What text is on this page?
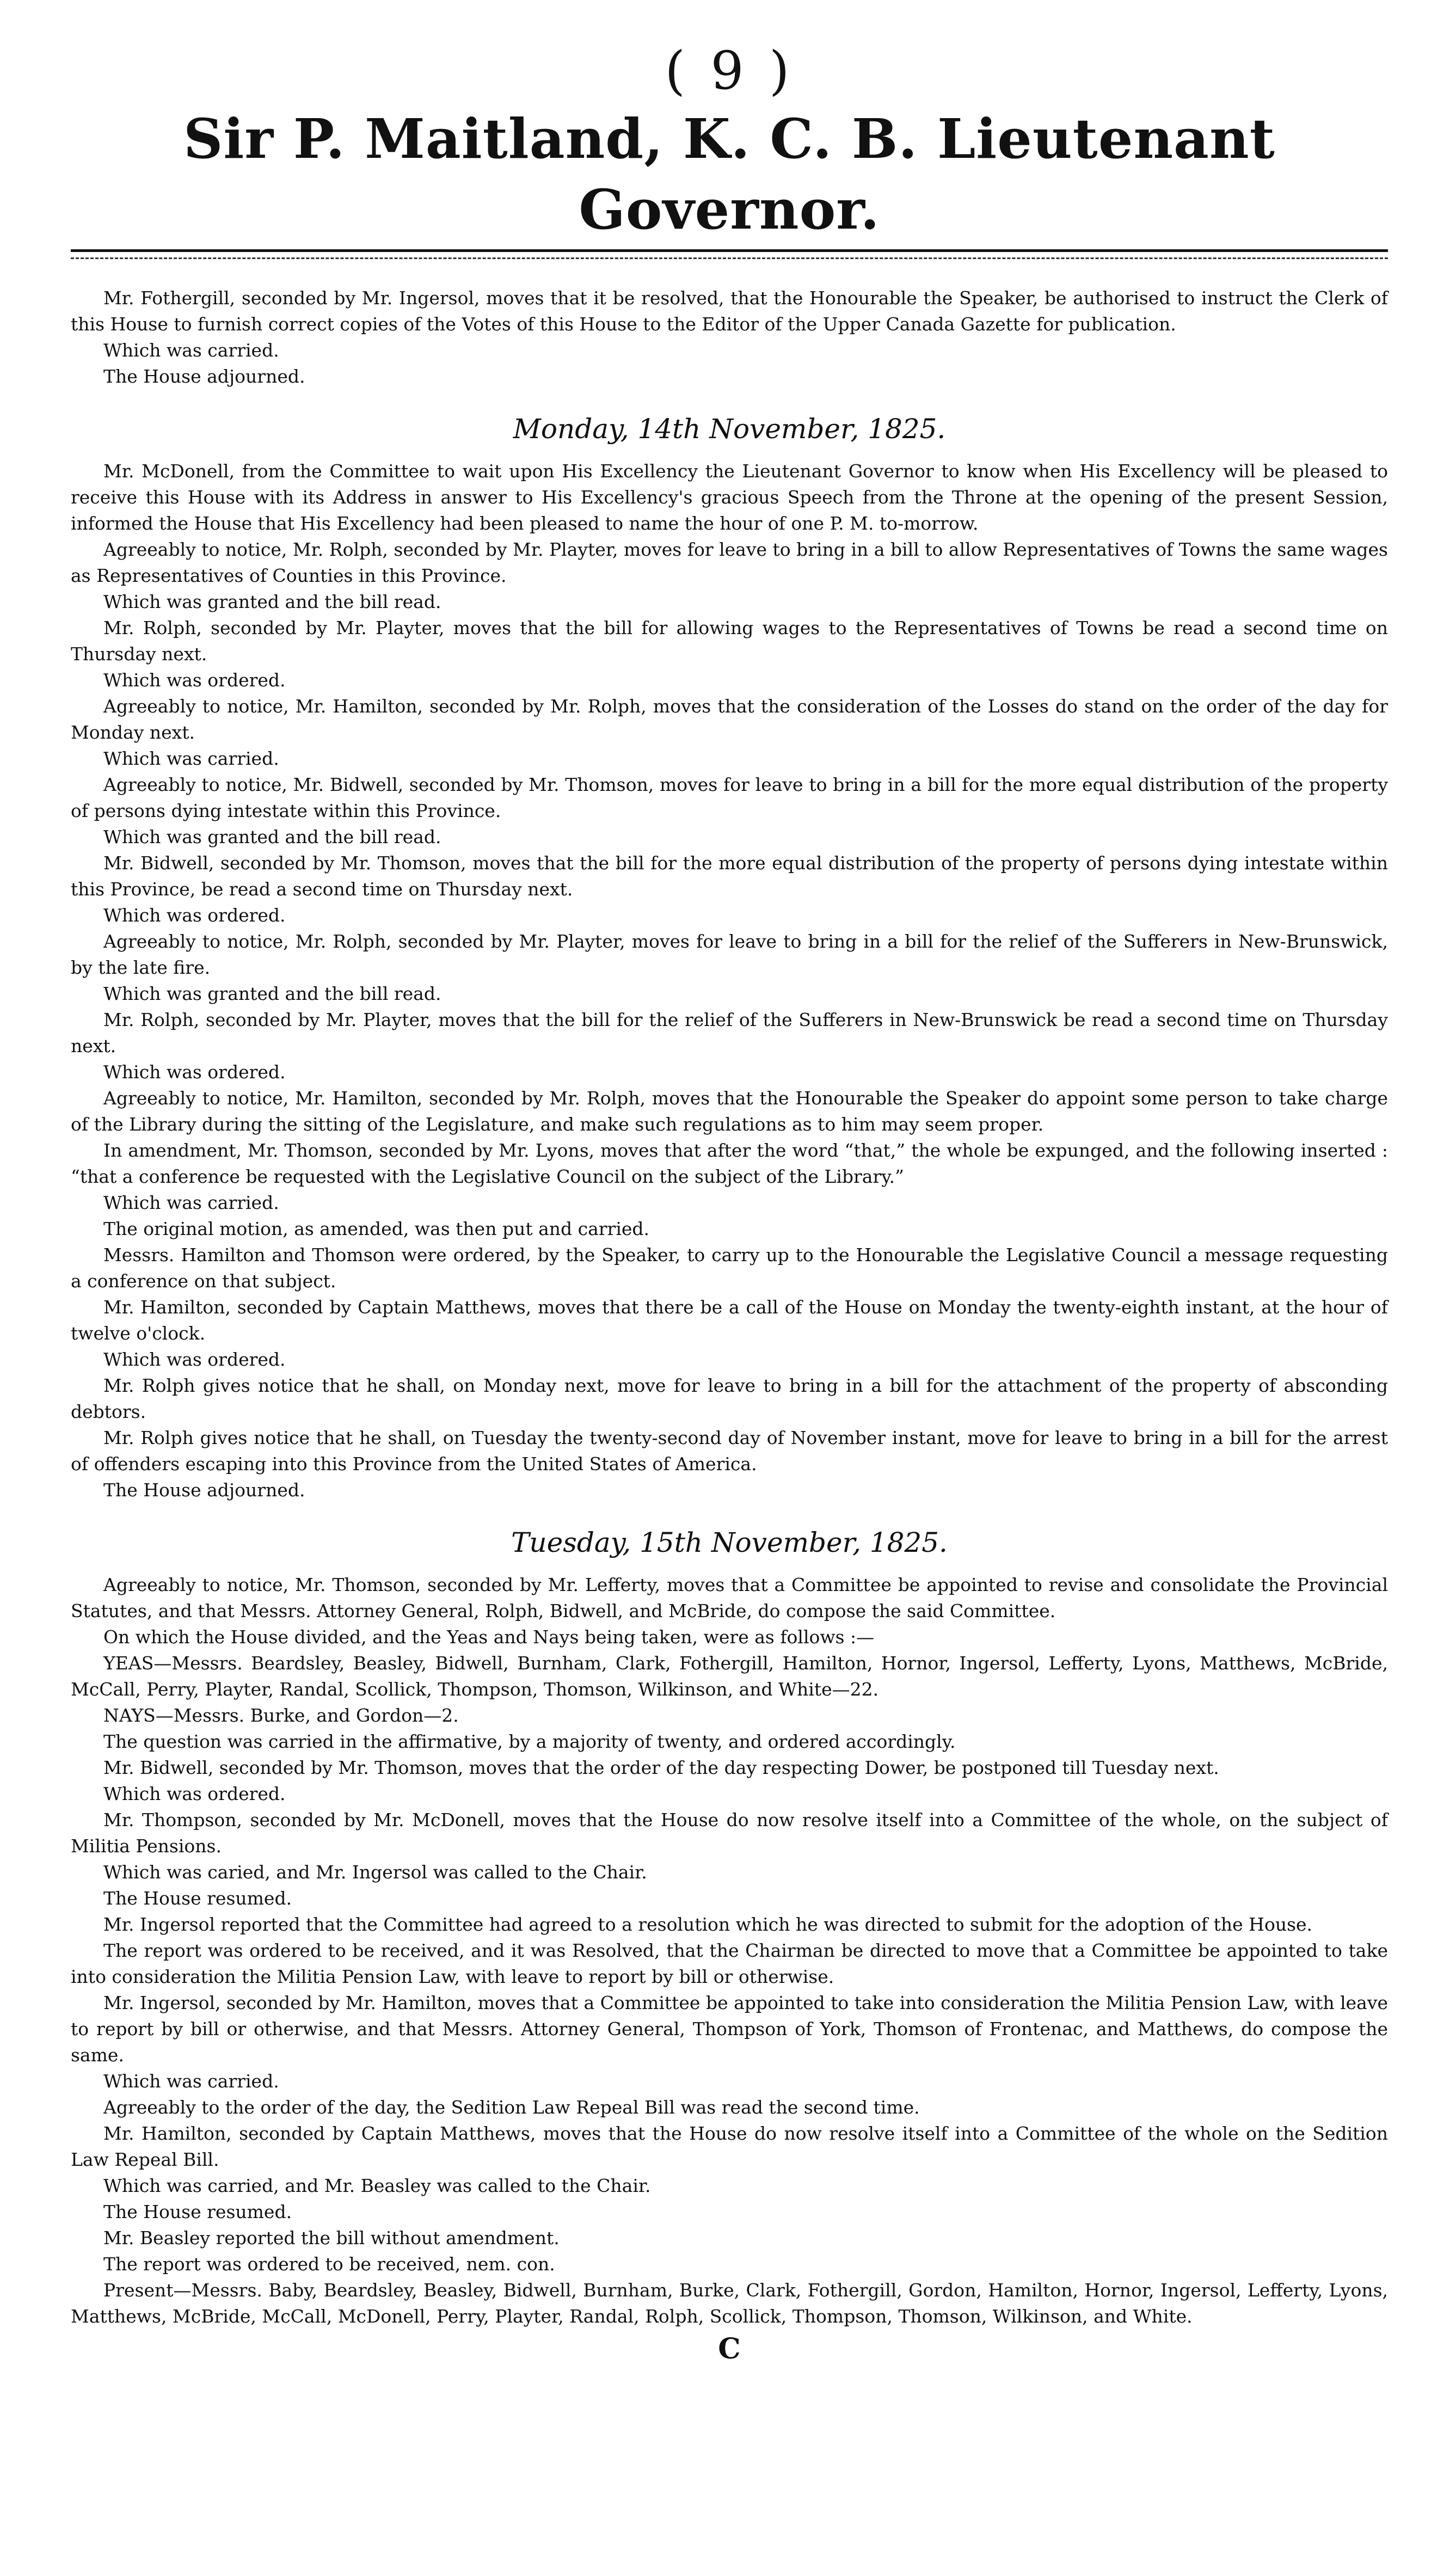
( 9 )
Sir P. Maitland, K. C. B. Lieutenant Governor.

Mr. Fothergill, seconded by Mr. Ingersol, moves that it be resolved, that the Honourable the Speaker, be authorised to instruct the Clerk of this House to furnish correct copies of the Votes of this House to the Editor of the Upper Canada Gazette for publication.

Which was carried.

The House adjourned.

Monday, 14th November, 1825.

Mr. McDonell, from the Committee to wait upon His Excellency the Lieutenant Governor to know when His Excellency will be pleased to receive this House with its Address in answer to His Excellency's gracious Speech from the Throne at the opening of the present Session, informed the House that His Excellency had been pleased to name the hour of one P. M. to-morrow.

Agreeably to notice, Mr. Rolph, seconded by Mr. Playter, moves for leave to bring in a bill to allow Representatives of Towns the same wages as Representatives of Counties in this Province.

Which was granted and the bill read.

Mr. Rolph, seconded by Mr. Playter, moves that the bill for allowing wages to the Representatives of Towns be read a second time on Thursday next.

Which was ordered.

Agreeably to notice, Mr. Hamilton, seconded by Mr. Rolph, moves that the consideration of the Losses do stand on the order of the day for Monday next.

Which was carried.

Agreeably to notice, Mr. Bidwell, seconded by Mr. Thomson, moves for leave to bring in a bill for the more equal distribution of the property of persons dying intestate within this Province.

Which was granted and the bill read.

Mr. Bidwell, seconded by Mr. Thomson, moves that the bill for the more equal distribution of the property of persons dying intestate within this Province, be read a second time on Thursday next.

Which was ordered.

Agreeably to notice, Mr. Rolph, seconded by Mr. Playter, moves for leave to bring in a bill for the relief of the Sufferers in New-Brunswick, by the late fire.

Which was granted and the bill read.

Mr. Rolph, seconded by Mr. Playter, moves that the bill for the relief of the Sufferers in New-Brunswick be read a second time on Thursday next.

Which was ordered.

Agreeably to notice, Mr. Hamilton, seconded by Mr. Rolph, moves that the Honourable the Speaker do appoint some person to take charge of the Library during the sitting of the Legislature, and make such regulations as to him may seem proper.

In amendment, Mr. Thomson, seconded by Mr. Lyons, moves that after the word “that,” the whole be expunged, and the following inserted : “that a conference be requested with the Legislative Council on the subject of the Library.”

Which was carried.

The original motion, as amended, was then put and carried.

Messrs. Hamilton and Thomson were ordered, by the Speaker, to carry up to the Honourable the Legislative Council a message requesting a conference on that subject.

Mr. Hamilton, seconded by Captain Matthews, moves that there be a call of the House on Monday the twenty-eighth instant, at the hour of twelve o'clock.

Which was ordered.

Mr. Rolph gives notice that he shall, on Monday next, move for leave to bring in a bill for the attachment of the property of absconding debtors.

Mr. Rolph gives notice that he shall, on Tuesday the twenty-second day of November instant, move for leave to bring in a bill for the arrest of offenders escaping into this Province from the United States of America.

The House adjourned.

Tuesday, 15th November, 1825.

Agreeably to notice, Mr. Thomson, seconded by Mr. Lefferty, moves that a Committee be appointed to revise and consolidate the Provincial Statutes, and that Messrs. Attorney General, Rolph, Bidwell, and McBride, do compose the said Committee.

On which the House divided, and the Yeas and Nays being taken, were as follows :—

YEAS—Messrs. Beardsley, Beasley, Bidwell, Burnham, Clark, Fothergill, Hamilton, Hornor, Ingersol, Lefferty, Lyons, Matthews, McBride, McCall, Perry, Playter, Randal, Scollick, Thompson, Thomson, Wilkinson, and White—22.

NAYS—Messrs. Burke, and Gordon—2.

The question was carried in the affirmative, by a majority of twenty, and ordered accordingly.

Mr. Bidwell, seconded by Mr. Thomson, moves that the order of the day respecting Dower, be postponed till Tuesday next.

Which was ordered.

Mr. Thompson, seconded by Mr. McDonell, moves that the House do now resolve itself into a Committee of the whole, on the subject of Militia Pensions.

Which was caried, and Mr. Ingersol was called to the Chair.

The House resumed.

Mr. Ingersol reported that the Committee had agreed to a resolution which he was directed to submit for the adoption of the House.

The report was ordered to be received, and it was Resolved, that the Chairman be directed to move that a Committee be appointed to take into consideration the Militia Pension Law, with leave to report by bill or otherwise.

Mr. Ingersol, seconded by Mr. Hamilton, moves that a Committee be appointed to take into consideration the Militia Pension Law, with leave to report by bill or otherwise, and that Messrs. Attorney General, Thompson of York, Thomson of Frontenac, and Matthews, do compose the same.

Which was carried.

Agreeably to the order of the day, the Sedition Law Repeal Bill was read the second time.

Mr. Hamilton, seconded by Captain Matthews, moves that the House do now resolve itself into a Committee of the whole on the Sedition Law Repeal Bill.

Which was carried, and Mr. Beasley was called to the Chair.

The House resumed.

Mr. Beasley reported the bill without amendment.

The report was ordered to be received, nem. con.

Present—Messrs. Baby, Beardsley, Beasley, Bidwell, Burnham, Burke, Clark, Fothergill, Gordon, Hamilton, Hornor, Ingersol, Lefferty, Lyons, Matthews, McBride, McCall, McDonell, Perry, Playter, Randal, Rolph, Scollick, Thompson, Thomson, Wilkinson, and White.

C
